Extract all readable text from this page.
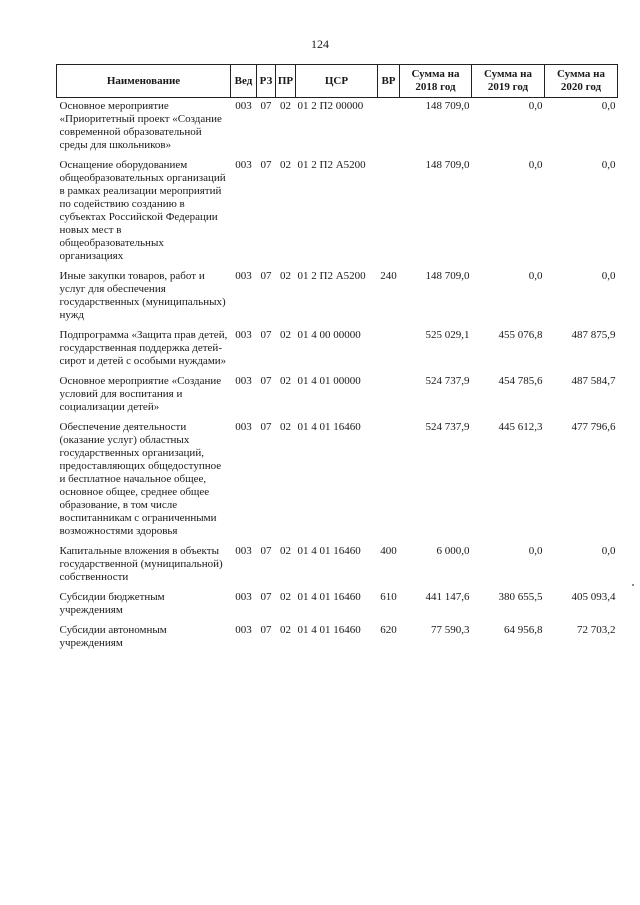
124
Наименование	Вед	РЗ	ПР	ЦСР	ВР	Сумма на 2018 год	Сумма на 2019 год	Сумма на 2020 год
Основное мероприятие «Приоритетный проект «Создание современной образовательной среды для школьников»	003	07	02	01 2 П2 00000		148 709,0	0,0	0,0
Оснащение оборудованием общеобразовательных организаций в рамках реализации мероприятий по содействию созданию в субъектах Российской Федерации новых мест в общеобразовательных организациях	003	07	02	01 2 П2 А5200		148 709,0	0,0	0,0
Иные закупки товаров, работ и услуг для обеспечения государственных (муниципальных) нужд	003	07	02	01 2 П2 А5200	240	148 709,0	0,0	0,0
Подпрограмма «Защита прав детей, государственная поддержка детей-сирот и детей с особыми нуждами»	003	07	02	01 4 00 00000		525 029,1	455 076,8	487 875,9
Основное мероприятие «Создание условий для воспитания и социализации детей»	003	07	02	01 4 01 00000		524 737,9	454 785,6	487 584,7
Обеспечение деятельности (оказание услуг) областных государственных организаций, предоставляющих общедоступное и бесплатное начальное общее, основное общее, среднее общее образование, в том числе воспитанникам с ограниченными возможностями здоровья	003	07	02	01 4 01 16460		524 737,9	445 612,3	477 796,6
Капитальные вложения в объекты государственной (муниципальной) собственности	003	07	02	01 4 01 16460	400	6 000,0	0,0	0,0
Субсидии бюджетным учреждениям	003	07	02	01 4 01 16460	610	441 147,6	380 655,5	405 093,4
Субсидии автономным учреждениям	003	07	02	01 4 01 16460	620	77 590,3	64 956,8	72 703,2
